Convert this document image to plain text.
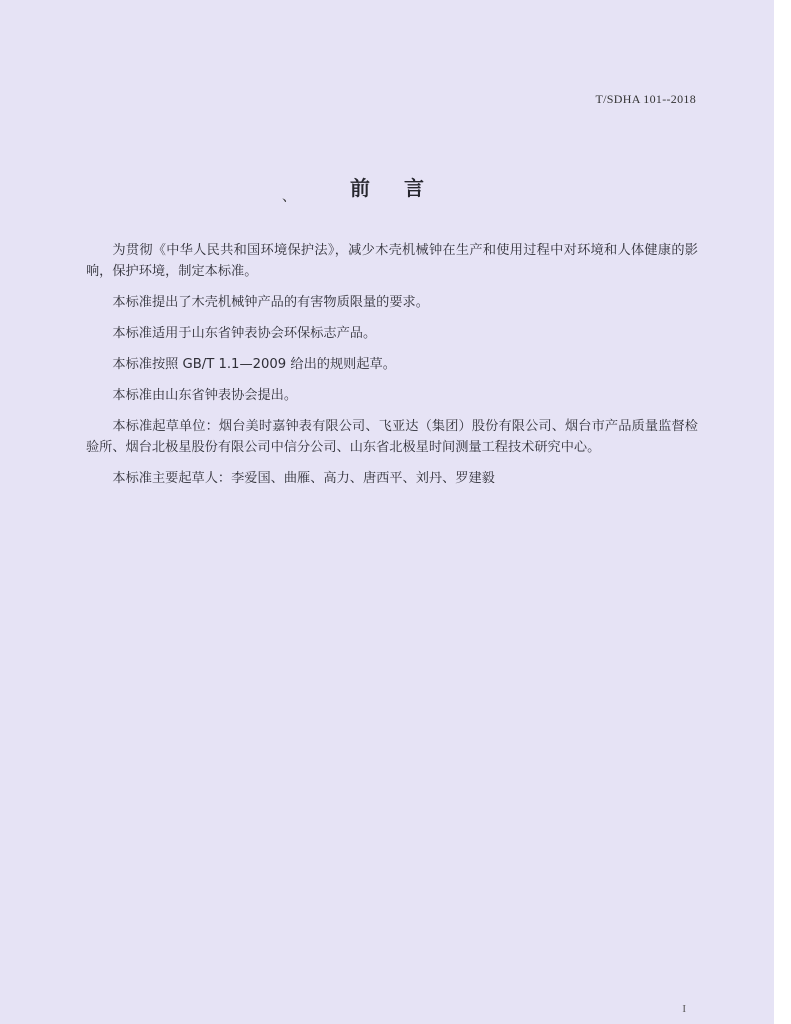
T/SDHA 101--2018
、	前言

为贯彻《中华人民共和国环境保护法》，减少木壳机械钟在生产和使用过程中对环境和人体健康的影响，保护环境，制定本标准。

本标准提出了木壳机械钟产品的有害物质限量的要求。

本标准适用于山东省钟表协会环保标志产品。

本标准按照 GB/T 1.1—2009 给出的规则起草。

本标准由山东省钟表协会提出。

本标准起草单位：烟台美时嘉钟表有限公司、飞亚达（集团）股份有限公司、烟台市产品质量监督检验所、烟台北极星股份有限公司中信分公司、山东省北极星时间测量工程技术研究中心。

本标准主要起草人：李爱国、曲雁、高力、唐西平、刘丹、罗建毅

I
